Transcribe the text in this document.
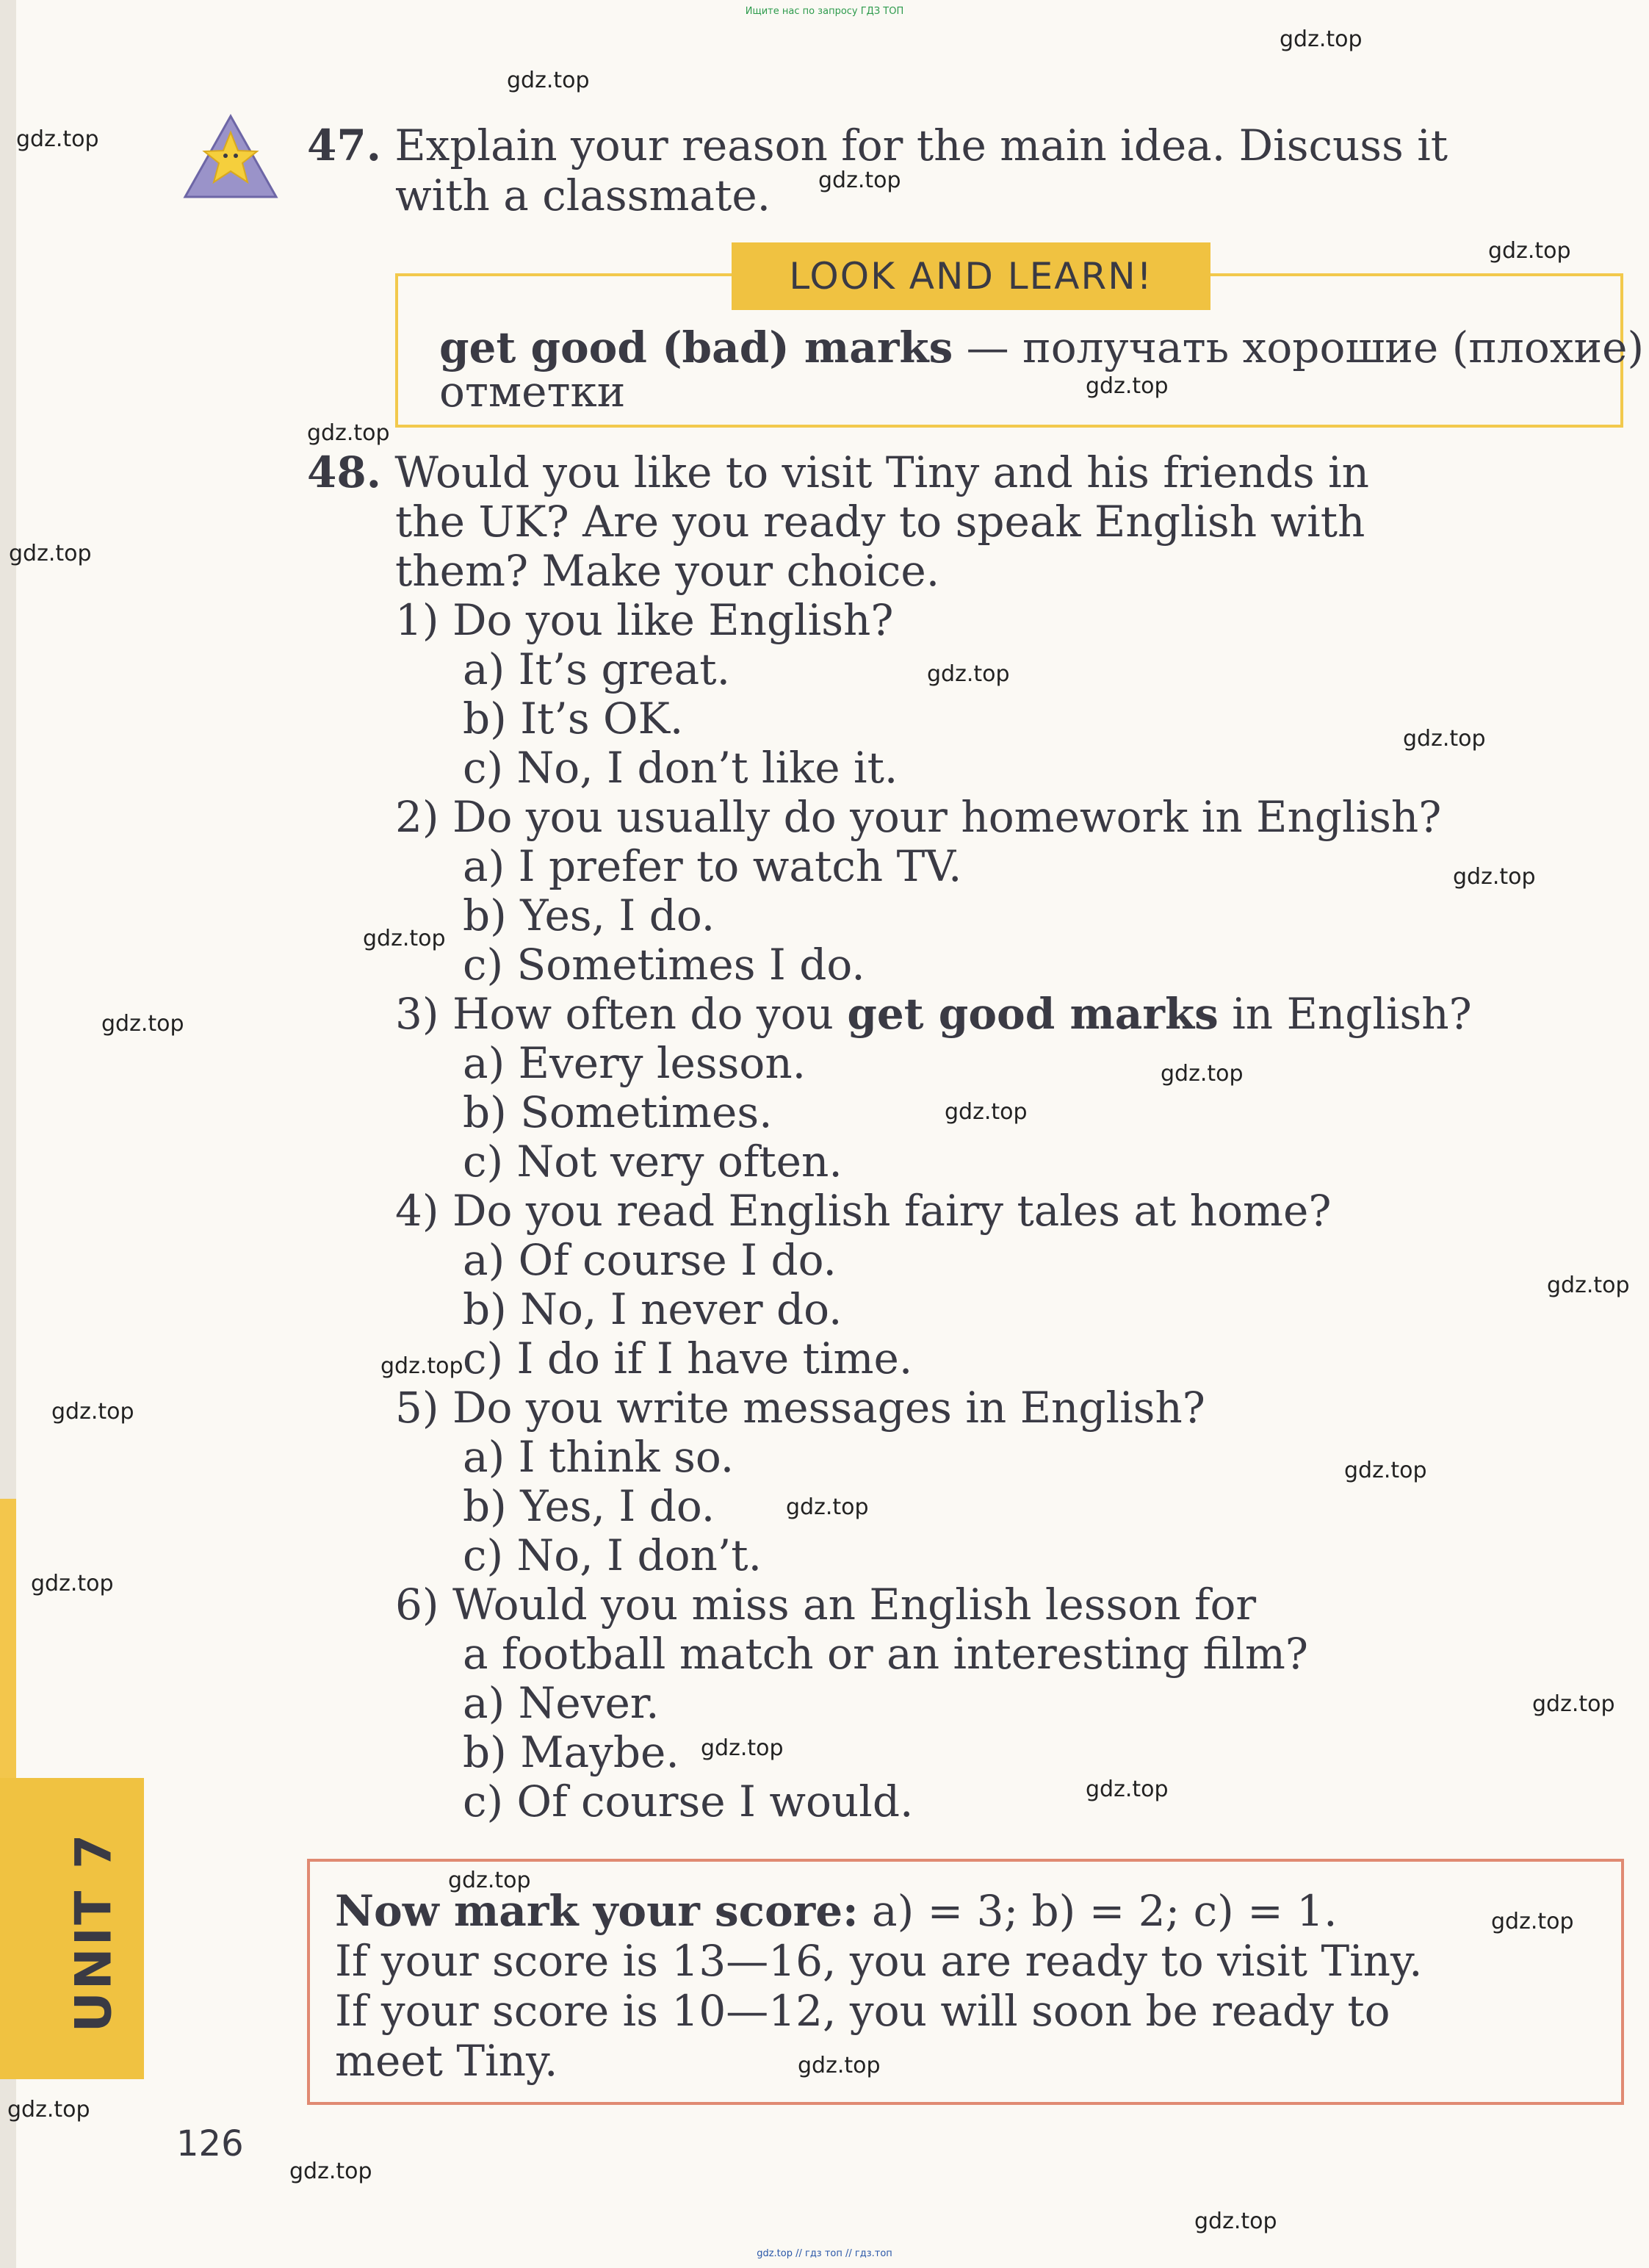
Ищите нас по запросу ГДЗ ТОП
47. Explain your reason for the main idea. Discuss it
with a classmate.
LOOK AND LEARN!
get good (bad) marks — получать хорошие (плохие)
отметки
48. Would you like to visit Tiny and his friends in
the UK? Are you ready to speak English with
them? Make your choice.
1) Do you like English?
a) It’s great.
b) It’s OK.
c) No, I don’t like it.
2) Do you usually do your homework in English?
a) I prefer to watch TV.
b) Yes, I do.
c) Sometimes I do.
3) How often do you get good marks in English?
a) Every lesson.
b) Sometimes.
c) Not very often.
4) Do you read English fairy tales at home?
a) Of course I do.
b) No, I never do.
c) I do if I have time.
5) Do you write messages in English?
a) I think so.
b) Yes, I do.
c) No, I don’t.
6) Would you miss an English lesson for
a football match or an interesting film?
a) Never.
b) Maybe.
c) Of course I would.
Now mark your score: a) = 3; b) = 2; c) = 1.
If your score is 13—16, you are ready to visit Tiny.
If your score is 10—12, you will soon be ready to
meet Tiny.
UNIT 7
126
gdz.top
gdz.top
gdz.top
gdz.top
gdz.top
gdz.top
gdz.top
gdz.top
gdz.top
gdz.top
gdz.top
gdz.top
gdz.top
gdz.top
gdz.top
gdz.top
gdz.top
gdz.top
gdz.top
gdz.top
gdz.top
gdz.top
gdz.top
gdz.top
gdz.top
gdz.top
gdz.top
gdz.top
gdz.top
gdz.top
gdz.top // гдз топ // гдз.топ
